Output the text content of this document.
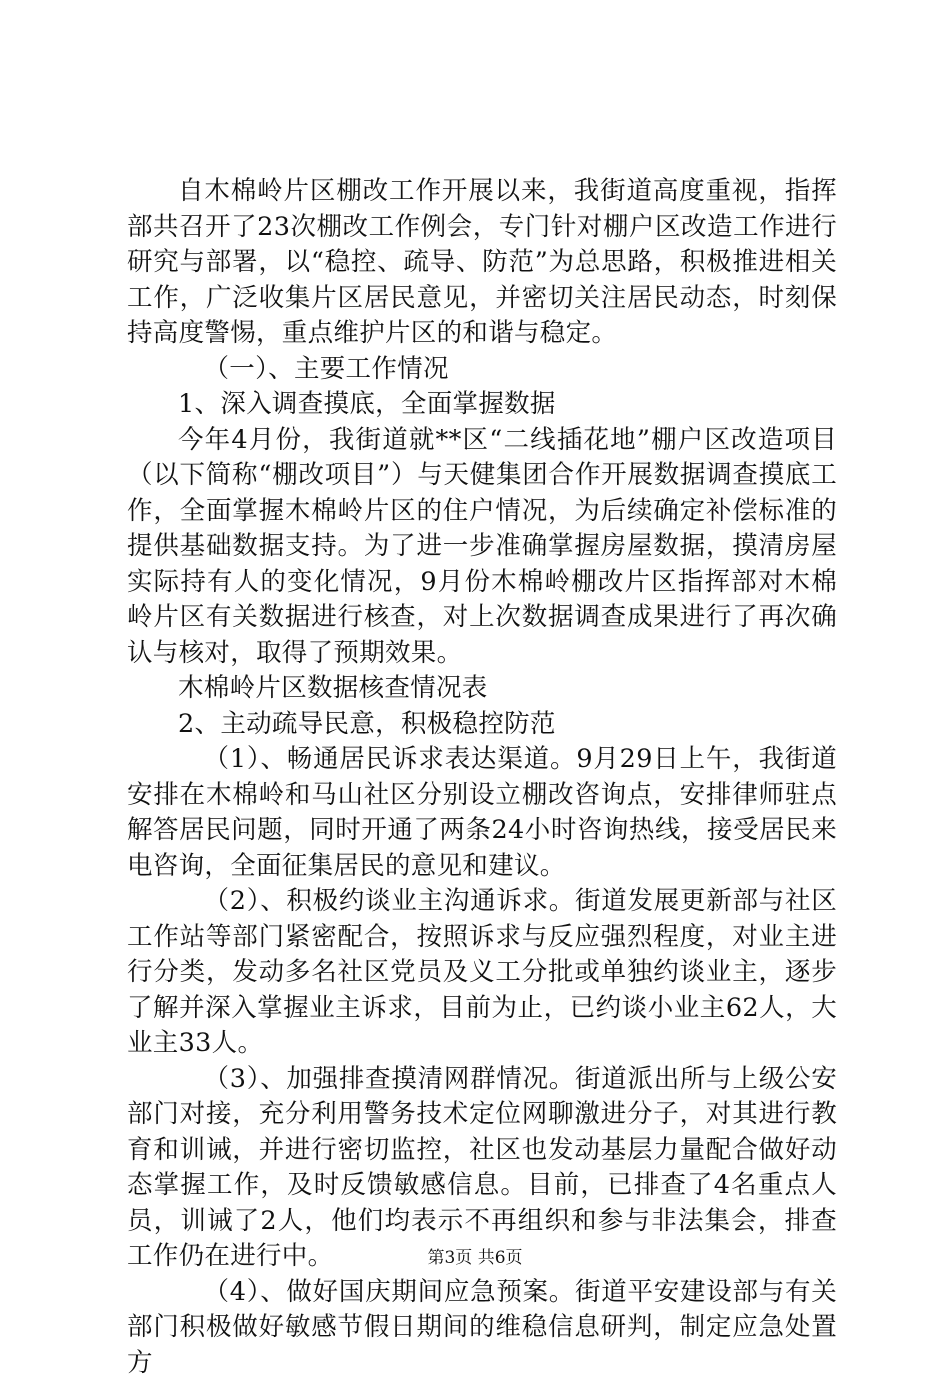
自木棉岭片区棚改工作开展以来，我街道高度重视，指挥部共召开了23次棚改工作例会，专门针对棚户区改造工作进行研究与部署，以“稳控、疏导、防范”为总思路，积极推进相关工作，广泛收集片区居民意见，并密切关注居民动态，时刻保持高度警惕，重点维护片区的和谐与稳定。

（一）、主要工作情况

1、深入调查摸底，全面掌握数据

今年4月份，我街道就**区“二线插花地”棚户区改造项目（以下简称“棚改项目”）与天健集团合作开展数据调查摸底工作，全面掌握木棉岭片区的住户情况，为后续确定补偿标准的提供基础数据支持。为了进一步准确掌握房屋数据，摸清房屋实际持有人的变化情况，9月份木棉岭棚改片区指挥部对木棉岭片区有关数据进行核查，对上次数据调查成果进行了再次确认与核对，取得了预期效果。

木棉岭片区数据核查情况表

2、主动疏导民意，积极稳控防范

（1）、畅通居民诉求表达渠道。9月29日上午，我街道安排在木棉岭和马山社区分别设立棚改咨询点，安排律师驻点解答居民问题，同时开通了两条24小时咨询热线，接受居民来电咨询，全面征集居民的意见和建议。

（2）、积极约谈业主沟通诉求。街道发展更新部与社区工作站等部门紧密配合，按照诉求与反应强烈程度，对业主进行分类，发动多名社区党员及义工分批或单独约谈业主，逐步了解并深入掌握业主诉求，目前为止，已约谈小业主62人，大业主33人。

（3）、加强排查摸清网群情况。街道派出所与上级公安部门对接，充分利用警务技术定位网聊激进分子，对其进行教育和训诫，并进行密切监控，社区也发动基层力量配合做好动态掌握工作，及时反馈敏感信息。目前，已排查了4名重点人员，训诫了2人，他们均表示不再组织和参与非法集会，排查工作仍在进行中。

（4）、做好国庆期间应急预案。街道平安建设部与有关部门积极做好敏感节假日期间的维稳信息研判，制定应急处置方

第3页 共6页
